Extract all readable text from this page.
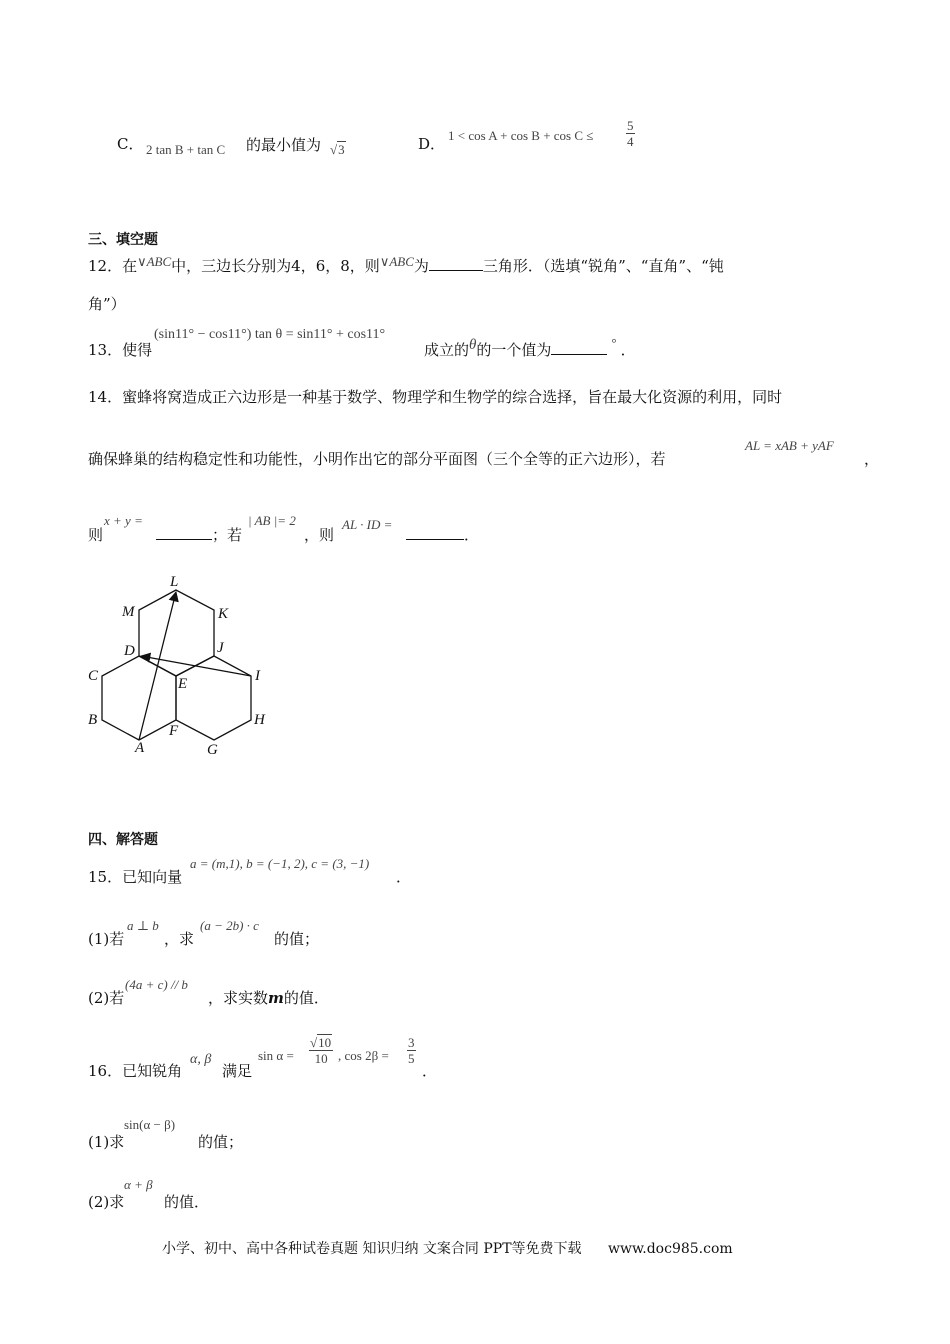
C． 2 tan B + tan C 的最小值为 √3	D． 1 < cos A + cos B + cos C ≤	$\frac{5}{4}$
三、填空题
12．在∨ABC中，三边长分别为4，6，8，则∨ABC为	三角形．（选填“锐角”、“直角”、“钝
角”）
13．使得
(sin11° − cos11°) tan θ = sin11° + cos11°
成立的θ的一个值为	° ．
14．蜜蜂将窝造成正六边形是一种基于数学、物理学和生物学的综合选择，旨在最大化资源的利用，同时
确保蜂巢的结构稳定性和功能性，小明作出它的部分平面图（三个全等的正六边形），若
AL = xAB + yAF
，
则
x + y =
；若
| AB |= 2
，则
AL · ID =
．
L
M	K
D	J
C	E	I
B	H
F
A	G
四、解答题
15．已知向量
a = (m,1), b = (−1, 2), c = (3, −1)
．
(1)若
a ⊥ b
，求
(a − 2b) · c
的值；
(2)若
(4a + c) // b
，求实数m的值．
16．已知锐角
α, β
满足
$\sin \alpha = \frac{√10}{10}$ , $\cos 2\beta = \frac{3}{5}$
．
(1)求
sin(α − β)
的值；
(2)求
α + β
的值．
小学、初中、高中各种试卷真题 知识归纳 文案合同 PPT等免费下载 www.doc985.com
